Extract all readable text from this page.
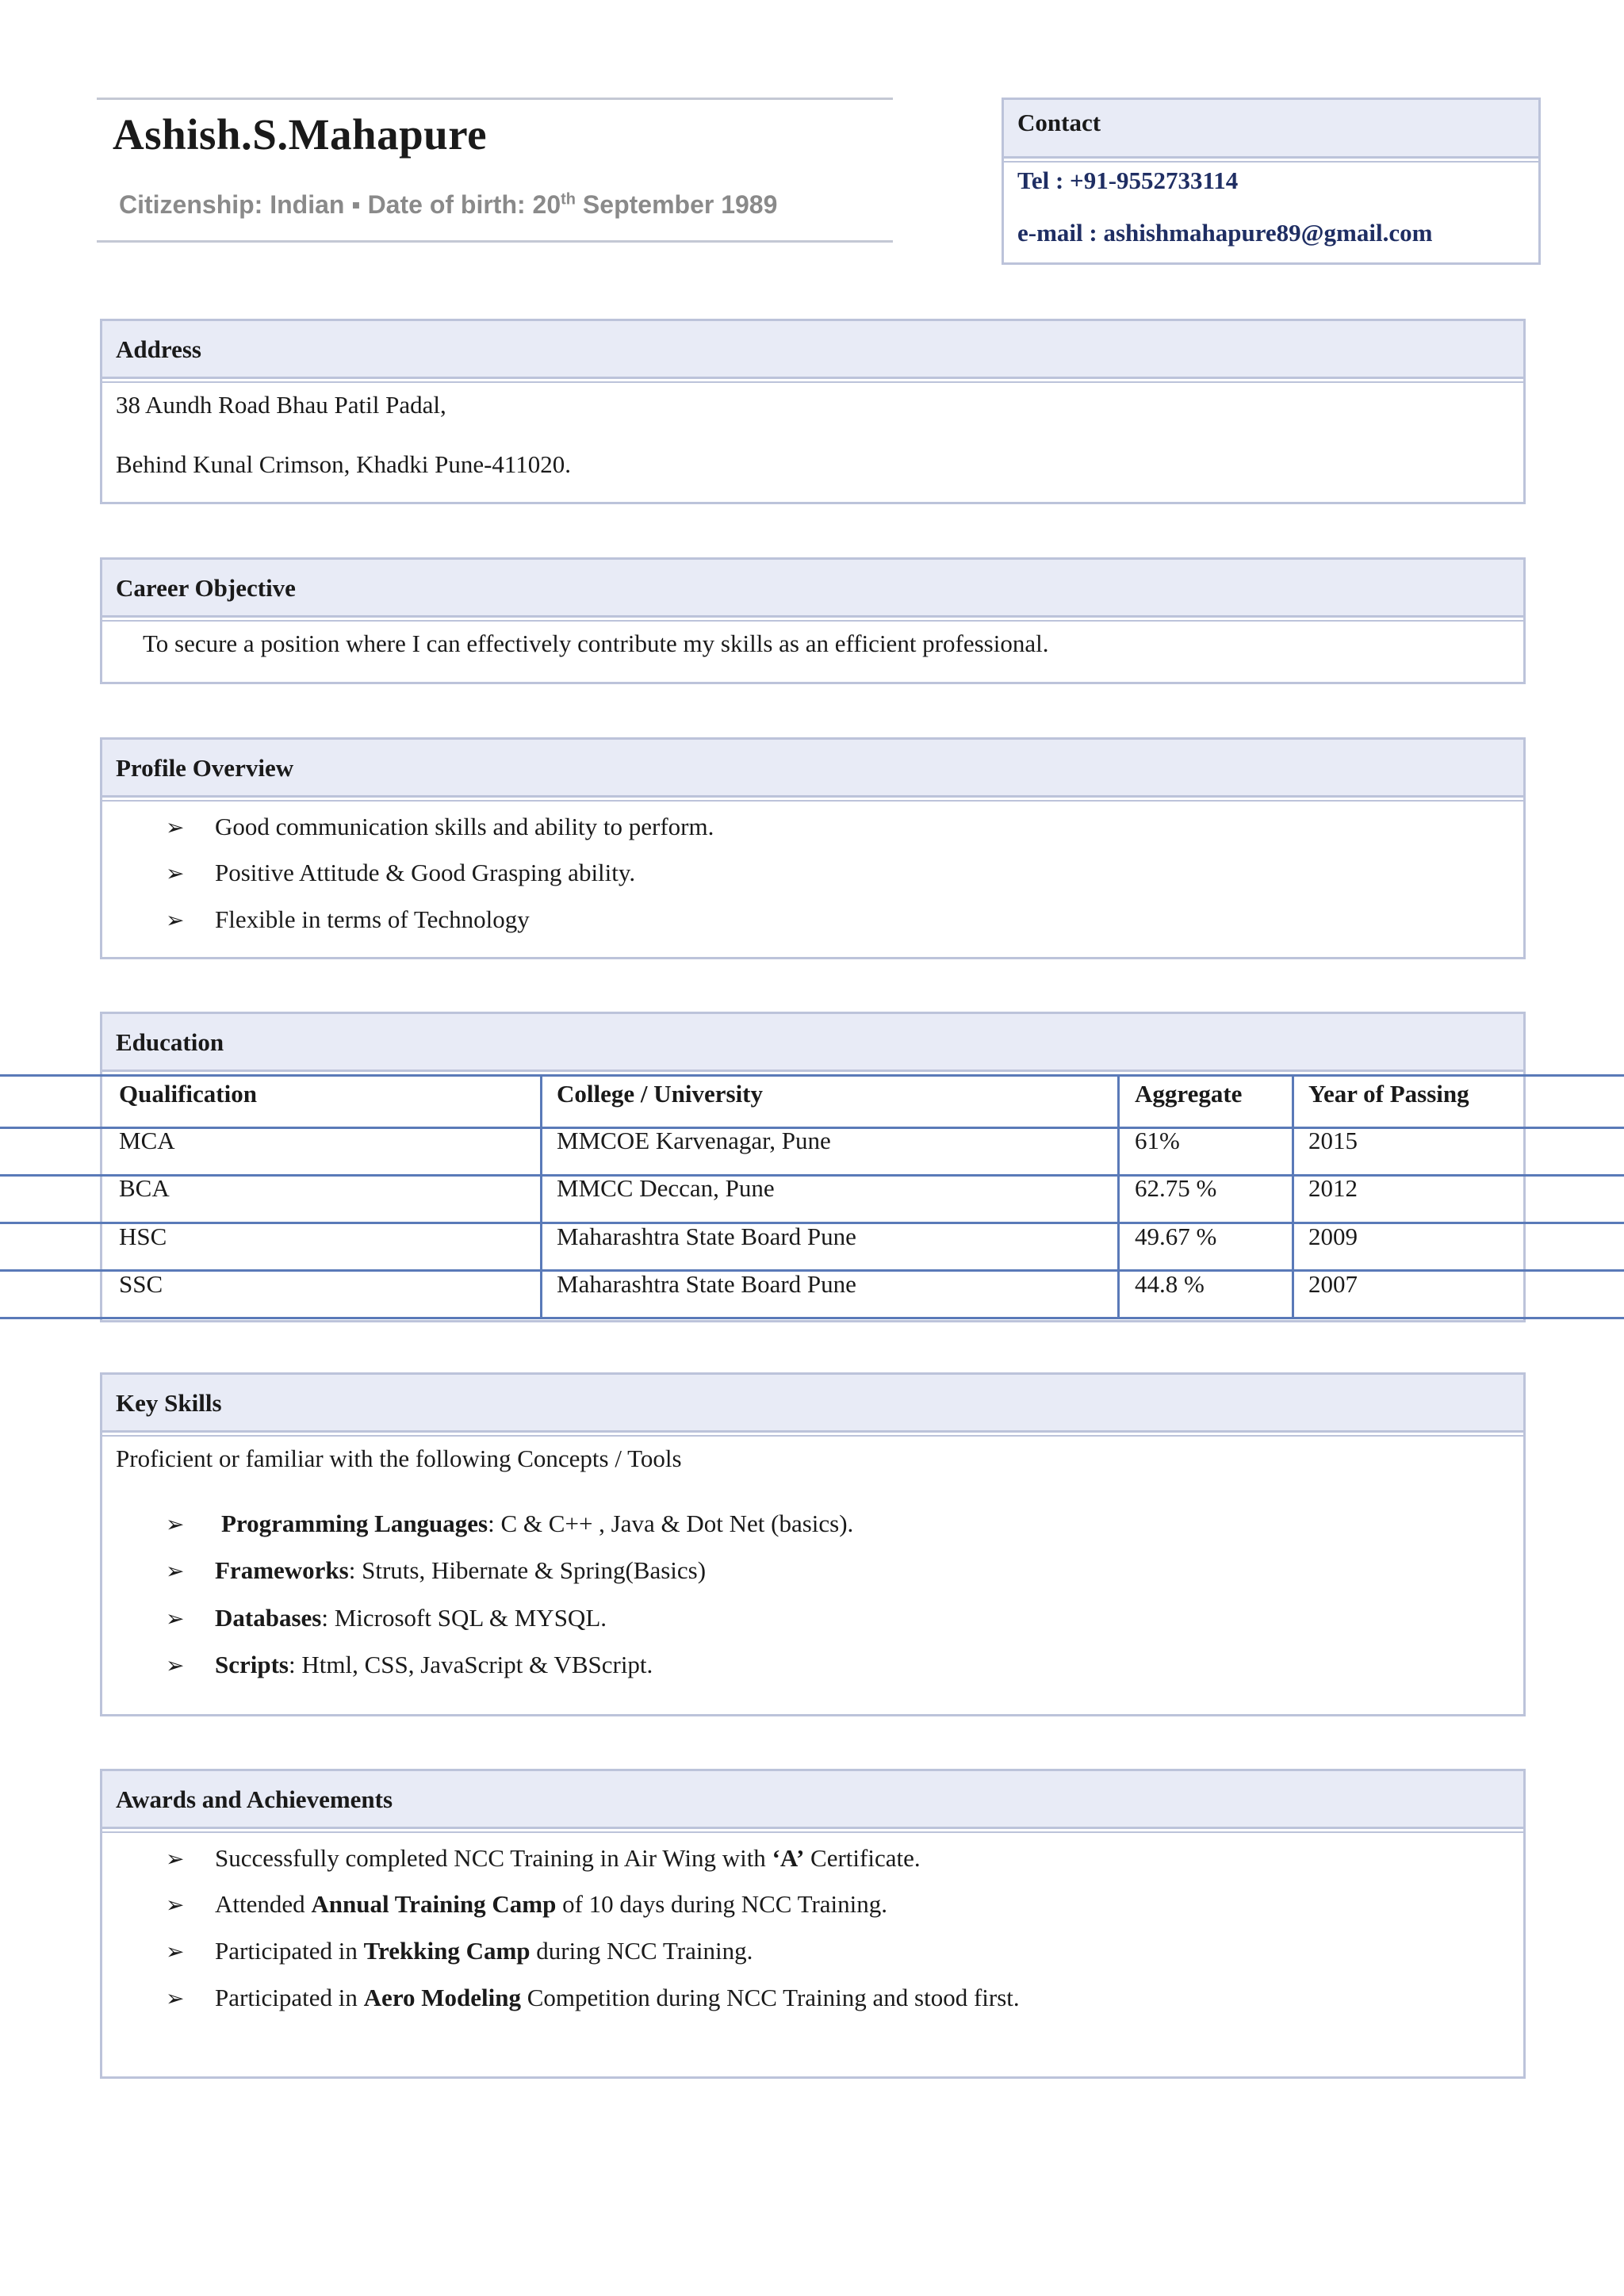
Ashish.S.Mahapure
Citizenship: Indian ▪ Date of birth: 20th September 1989
Contact
Tel : +91-9552733114
e-mail : ashishmahapure89@gmail.com
Address
38 Aundh Road Bhau Patil Padal,
Behind Kunal Crimson, Khadki Pune-411020.
Career Objective
To secure a position where I can effectively contribute my skills as an efficient professional.
Profile Overview
➢ Good communication skills and ability to perform.
➢ Positive Attitude & Good Grasping ability.
➢ Flexible in terms of Technology
Education
Qualification	College / University	Aggregate	Year of Passing
MCA	MMCOE Karvenagar, Pune	61%	2015
BCA	MMCC Deccan, Pune	62.75 %	2012
HSC	Maharashtra State Board Pune	49.67 %	2009
SSC	Maharashtra State Board Pune	44.8 %	2007
Key Skills
Proficient or familiar with the following Concepts / Tools
➢ Programming Languages: C & C++ , Java & Dot Net (basics).
➢ Frameworks: Struts, Hibernate & Spring(Basics)
➢ Databases: Microsoft SQL & MYSQL.
➢ Scripts: Html, CSS, JavaScript & VBScript.
Awards and Achievements
➢ Successfully completed NCC Training in Air Wing with ‘A’ Certificate.
➢ Attended Annual Training Camp of 10 days during NCC Training.
➢ Participated in Trekking Camp during NCC Training.
➢ Participated in Aero Modeling Competition during NCC Training and stood first.
